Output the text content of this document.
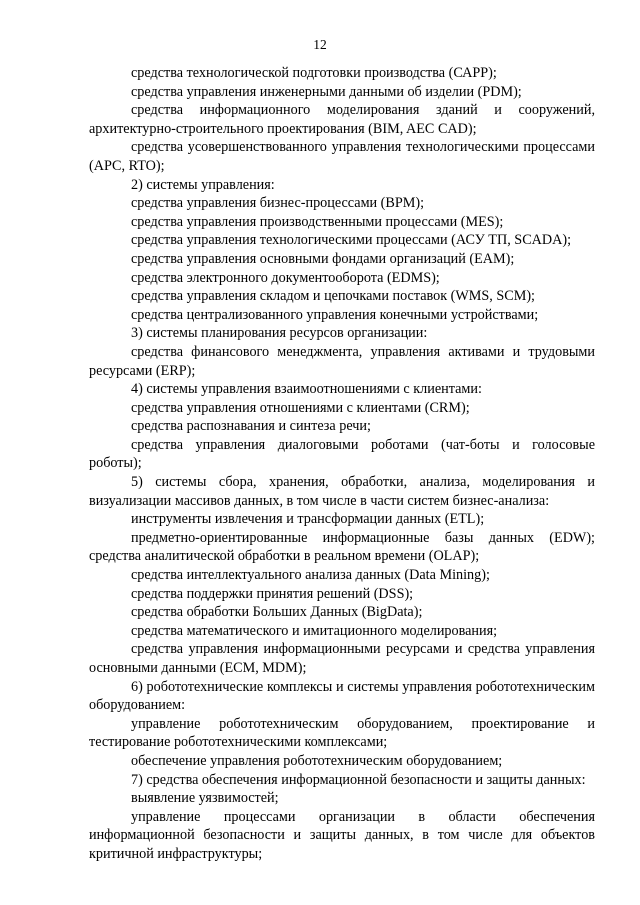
12

средства технологической подготовки производства (САРР);

средства управления инженерными данными об изделии (PDM);

средства информационного моделирования зданий и сооружений, архитектурно-строительного проектирования (BIM, AEC CAD);

средства усовершенствованного управления технологическими процессами (АРС, RTO);

2) системы управления:

средства управления бизнес-процессами (ВРМ);

средства управления производственными процессами (MES);

средства управления технологическими процессами (АСУ ТП, SCADA);

средства управления основными фондами организаций (ЕАМ);

средства электронного документооборота (EDMS);

средства управления складом и цепочками поставок (WMS, SCM);

средства централизованного управления конечными устройствами;

3) системы планирования ресурсов организации:

средства финансового менеджмента, управления активами и трудовыми ресурсами (ERP);

4) системы управления взаимоотношениями с клиентами:

средства управления отношениями с клиентами (CRM);

средства распознавания и синтеза речи;

средства управления диалоговыми роботами (чат-боты и голосовые роботы);

5) системы сбора, хранения, обработки, анализа, моделирования и визуализации массивов данных, в том числе в части систем бизнес-анализа:

инструменты извлечения и трансформации данных (ETL);

предметно-ориентированные информационные базы данных (EDW); средства аналитической обработки в реальном времени (OLAP);

средства интеллектуального анализа данных (Data Mining);

средства поддержки принятия решений (DSS);

средства обработки Больших Данных (BigData);

средства математического и имитационного моделирования;

средства управления информационными ресурсами и средства управления основными данными (ЕСМ, MDM);

6) робототехнические комплексы и системы управления робототехническим оборудованием:

управление робототехническим оборудованием, проектирование и тестирование робототехническими комплексами;

обеспечение управления робототехническим оборудованием;

7) средства обеспечения информационной безопасности и защиты данных:

выявление уязвимостей;

управление процессами организации в области обеспечения информационной безопасности и защиты данных, в том числе для объектов критичной инфраструктуры;
